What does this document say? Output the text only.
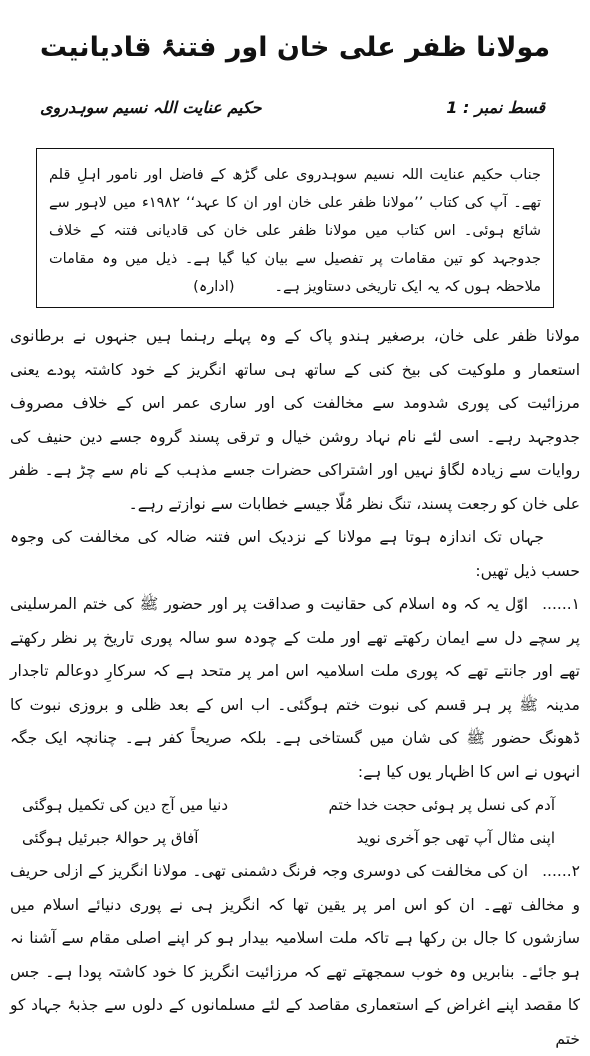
مولانا ظفر علی خان اور فتنۂ قادیانیت
قسط نمبر : 1
حکیم عنایت اللہ نسیم سوہدروی

جناب حکیم عنایت اللہ نسیم سوہدروی علی گڑھ کے فاضل اور نامور اہلِ قلم تھے۔ آپ کی کتاب ’’مولانا ظفر علی خان اور ان کا عہد‘‘ ۱۹۸۲ء میں لاہور سے شائع ہوئی۔ اس کتاب میں مولانا ظفر علی خان کی قادیانی فتنہ کے خلاف جدوجہد کو تین مقامات پر تفصیل سے بیان کیا گیا ہے۔ ذیل میں وہ مقامات ملاحظہ ہوں کہ یہ ایک تاریخی دستاویز ہے۔(ادارہ)

مولانا ظفر علی خان، برصغیر ہندو پاک کے وہ پہلے رہنما ہیں جنہوں نے برطانوی استعمار و ملوکیت کی بیخ کنی کے ساتھ ہی ساتھ انگریز کے خود کاشتہ پودے یعنی مرزائیت کی پوری شدومد سے مخالفت کی اور ساری عمر اس کے خلاف مصروف جدوجہد رہے۔ اسی لئے نام نہاد روشن خیال و ترقی پسند گروہ جسے دین حنیف کی روایات سے زیادہ لگاؤ نہیں اور اشتراکی حضرات جسے مذہب کے نام سے چڑ ہے۔ ظفر علی خان کو رجعت پسند، تنگ نظر مُلّا جیسے خطابات سے نوازتے رہے۔

جہاں تک اندازہ ہوتا ہے مولانا کے نزدیک اس فتنہ ضالہ کی مخالفت کی وجوہ حسب ذیل تھیں:

۱......اوّل یہ کہ وہ اسلام کی حقانیت و صداقت پر اور حضور ﷺ کی ختم المرسلینی پر سچے دل سے ایمان رکھتے تھے اور ملت کے چودہ سو سالہ پوری تاریخ پر نظر رکھتے تھے اور جانتے تھے کہ پوری ملت اسلامیہ اس امر پر متحد ہے کہ سرکارِ دوعالم تاجدار مدینہ ﷺ پر ہر قسم کی نبوت ختم ہوگئی۔ اب اس کے بعد ظلی و بروزی نبوت کا ڈھونگ حضور ﷺ کی شان میں گستاخی ہے۔ بلکہ صریحاً کفر ہے۔ چنانچہ ایک جگہ انہوں نے اس کا اظہار یوں کیا ہے:

آدم کی نسل پر ہوئی حجت خدا ختم
دنیا میں آج دین کی تکمیل ہوگئی
اپنی مثال آپ تھی جو آخری نوید
آفاق پر حوالۂ جبرئیل ہوگئی

۲......ان کی مخالفت کی دوسری وجہ فرنگ دشمنی تھی۔ مولانا انگریز کے ازلی حریف و مخالف تھے۔ ان کو اس امر پر یقین تھا کہ انگریز ہی نے پوری دنیائے اسلام میں سازشوں کا جال بن رکھا ہے تاکہ ملت اسلامیہ بیدار ہو کر اپنے اصلی مقام سے آشنا نہ ہو جائے۔ بنابریں وہ خوب سمجھتے تھے کہ مرزائیت انگریز کا خود کاشتہ پودا ہے۔ جس کا مقصد اپنے اغراض کے استعماری مقاصد کے لئے مسلمانوں کے دلوں سے جذبۂ جہاد کو ختم
